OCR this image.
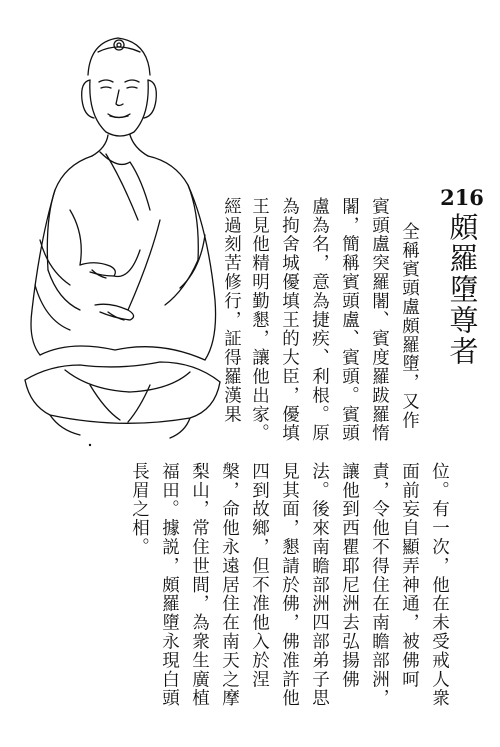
216
頗羅墮尊者
全稱賓頭盧頗羅墮，又作
賓頭盧突羅闍、賓度羅跋羅惰
闍，簡稱賓頭盧、賓頭。賓頭
盧為名，意為捷疾、利根。原
為拘舍城優填王的大臣，優填
王見他精明勤懇，讓他出家。
經過刻苦修行，証得羅漢果
位。有一次，他在未受戒人衆
面前妄自顯弄神通，被佛呵
責，令他不得住在南瞻部洲，
讓他到西瞿耶尼洲去弘揚佛
法。後來南瞻部洲四部弟子思
見其面，懇請於佛，佛准許他
四到故鄉，但不准他入於涅
槃，命他永遠居住在南天之摩
梨山，常住世間，為衆生廣植
福田。據説，頗羅墮永現白頭
長眉之相。
